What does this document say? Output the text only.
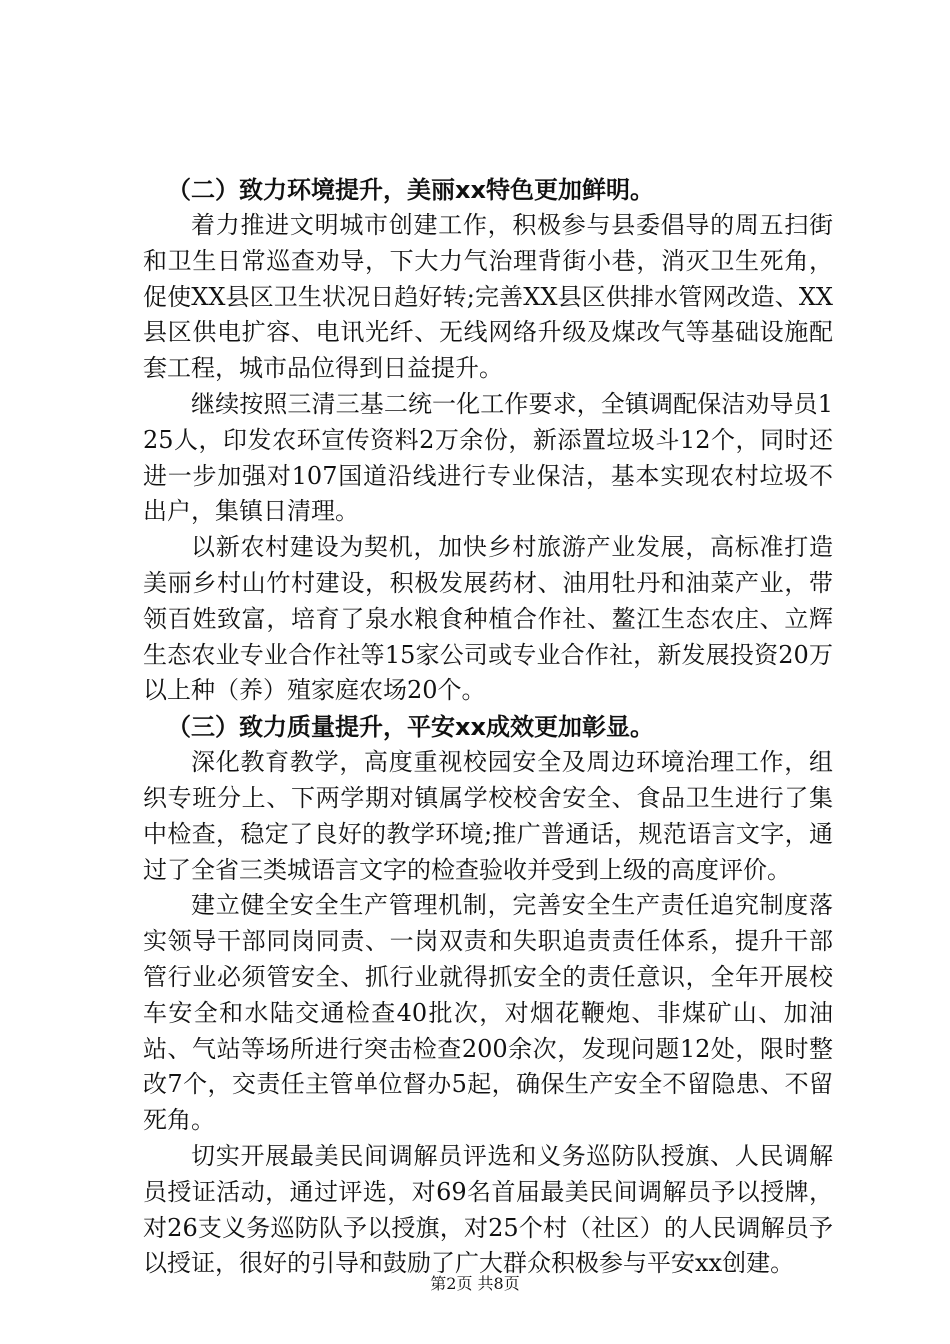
（二）致力环境提升，美丽xx特色更加鲜明。

着力推进文明城市创建工作，积极参与县委倡导的周五扫街和卫生日常巡查劝导，下大力气治理背街小巷，消灭卫生死角，促使XX县区卫生状况日趋好转;完善XX县区供排水管网改造、XX县区供电扩容、电讯光纤、无线网络升级及煤改气等基础设施配套工程，城市品位得到日益提升。

继续按照三清三基二统一化工作要求，全镇调配保洁劝导员125人，印发农环宣传资料2万余份，新添置垃圾斗12个，同时还进一步加强对107国道沿线进行专业保洁，基本实现农村垃圾不出户，集镇日清理。

以新农村建设为契机，加快乡村旅游产业发展，高标准打造美丽乡村山竹村建设，积极发展药材、油用牡丹和油菜产业，带领百姓致富，培育了泉水粮食种植合作社、鳌江生态农庄、立辉生态农业专业合作社等15家公司或专业合作社，新发展投资20万以上种（养）殖家庭农场20个。

（三）致力质量提升，平安xx成效更加彰显。

深化教育教学，高度重视校园安全及周边环境治理工作，组织专班分上、下两学期对镇属学校校舍安全、食品卫生进行了集中检查，稳定了良好的教学环境;推广普通话，规范语言文字，通过了全省三类城语言文字的检查验收并受到上级的高度评价。

建立健全安全生产管理机制，完善安全生产责任追究制度落实领导干部同岗同责、一岗双责和失职追责责任体系，提升干部管行业必须管安全、抓行业就得抓安全的责任意识，全年开展校车安全和水陆交通检查40批次，对烟花鞭炮、非煤矿山、加油站、气站等场所进行突击检查200余次，发现问题12处，限时整改7个，交责任主管单位督办5起，确保生产安全不留隐患、不留死角。

切实开展最美民间调解员评选和义务巡防队授旗、人民调解员授证活动，通过评选，对69名首届最美民间调解员予以授牌，对26支义务巡防队予以授旗，对25个村（社区）的人民调解员予以授证，很好的引导和鼓励了广大群众积极参与平安xx创建。

第2页 共8页
